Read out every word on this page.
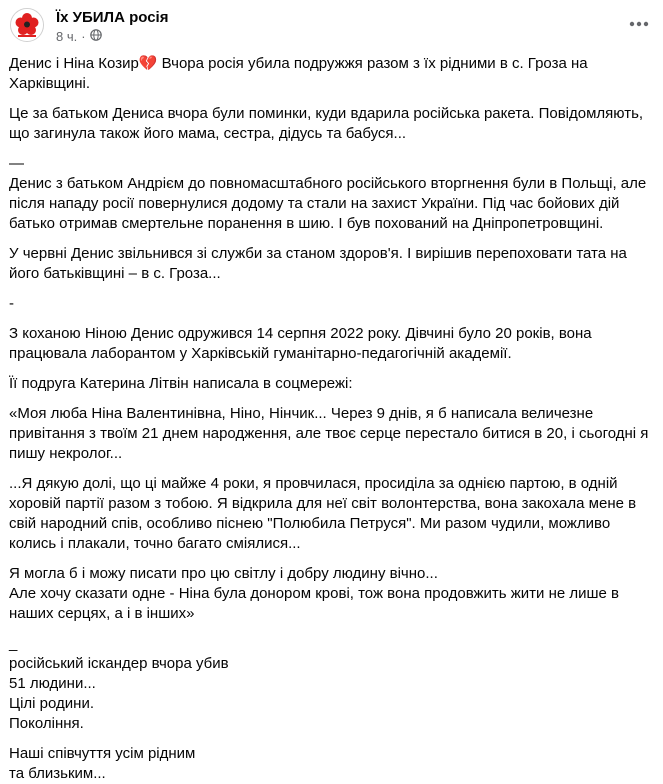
Їх УБИЛА росія
8 ч. ·

Денис і Ніна Козир💔 Вчора росія убила подружжя разом з їх рідними в с. Гроза на Харківщині.

Це за батьком Дениса вчора були поминки, куди вдарила російська ракета. Повідомляють, що загинула також його мама, сестра, дідусь та бабуся...

—

Денис з батьком Андрієм до повномасштабного російського вторгнення були в Польщі, але після нападу росії повернулися додому та стали на захист України. Під час бойових дій батько отримав смертельне поранення в шию. І був похований на Дніпропетровщині.

У червні Денис звільнився зі служби за станом здоров'я. І вирішив перепоховати тата на його батьківщині – в с. Гроза...

-

З коханою Ніною Денис одружився 14 серпня 2022 року. Дівчині було 20 років, вона працювала лаборантом у Харківській гуманітарно-педагогічній академії.

Її подруга Катерина Літвін написала в соцмережі:

«Моя люба Ніна Валентинівна, Ніно, Нінчик... Через 9 днів, я б написала величезне привітання з твоїм 21 днем народження, але твоє серце перестало битися в 20, і сьогодні я пишу некролог...

...Я дякую долі, що ці майже 4 роки, я провчилася, просиділа за однією партою, в одній хоровій партії разом з тобою. Я відкрила для неї світ волонтерства, вона закохала мене в свій народний спів, особливо піснею "Полюбила Петруся". Ми разом чудили, можливо колись і плакали, точно багато сміялися...

Я могла б і можу писати про цю світлу і добру людину вічно...

Але хочу сказати одне - Ніна була донором крові, тож вона продовжить жити не лише в наших серцях, а і в інших»

_

російський іскандер вчора убив

51 людини...

Цілі родини.

Покоління.

Наші співчуття усім рідним

та близьким...
